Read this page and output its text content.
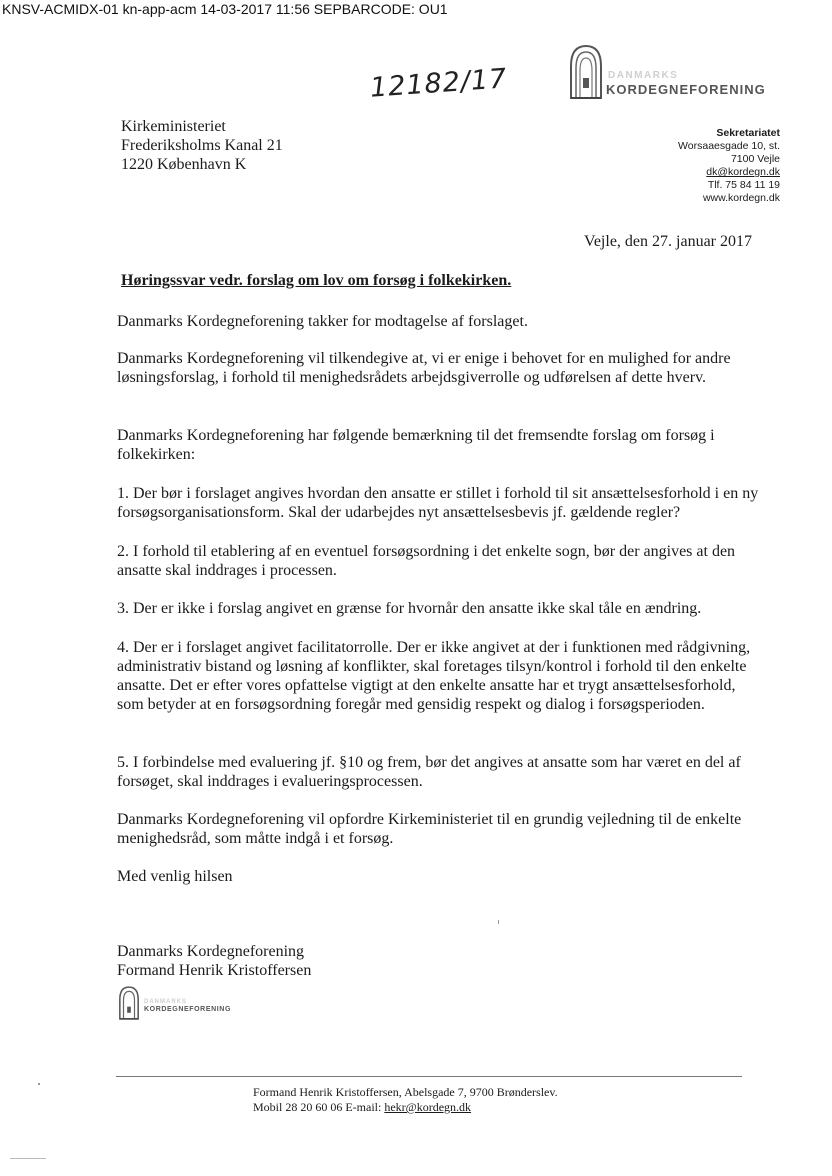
KNSV-ACMIDX-01 kn-app-acm 14-03-2017 11:56 SEPBARCODE: OU1
12182/17	DANMARKS
KORDEGNEFORENING
Kirkeministeriet
Frederiksholms Kanal 21
1220 København K
Sekretariatet
Worsaaesgade 10, st.
7100 Vejle
dk@kordegn.dk
Tlf. 75 84 11 19
www.kordegn.dk
Vejle, den 27. januar 2017
Høringssvar vedr. forslag om lov om forsøg i folkekirken.
Danmarks Kordegneforening takker for modtagelse af forslaget.
Danmarks Kordegneforening vil tilkendegive at, vi er enige i behovet for en mulighed for andre løsningsforslag, i forhold til menighedsrådets arbejdsgiverrolle og udførelsen af dette hverv.
Danmarks Kordegneforening har følgende bemærkning til det fremsendte forslag om forsøg i folkekirken:
1. Der bør i forslaget angives hvordan den ansatte er stillet i forhold til sit ansættelsesforhold i en ny forsøgsorganisationsform. Skal der udarbejdes nyt ansættelsesbevis jf. gældende regler?
2. I forhold til etablering af en eventuel forsøgsordning i det enkelte sogn, bør der angives at den ansatte skal inddrages i processen.
3. Der er ikke i forslag angivet en grænse for hvornår den ansatte ikke skal tåle en ændring.
4. Der er i forslaget angivet facilitatorrolle. Der er ikke angivet at der i funktionen med rådgivning, administrativ bistand og løsning af konflikter, skal foretages tilsyn/kontrol i forhold til den enkelte ansatte. Det er efter vores opfattelse vigtigt at den enkelte ansatte har et trygt ansættelsesforhold, som betyder at en forsøgsordning foregår med gensidig respekt og dialog i forsøgsperioden.
5. I forbindelse med evaluering jf. §10 og frem, bør det angives at ansatte som har været en del af forsøget, skal inddrages i evalueringsprocessen.
Danmarks Kordegneforening vil opfordre Kirkeministeriet til en grundig vejledning til de enkelte menighedsråd, som måtte indgå i et forsøg.
Med venlig hilsen
Danmarks Kordegneforening
Formand Henrik Kristoffersen
DANMARKS
KORDEGNEFORENING
Formand Henrik Kristoffersen, Abelsgade 7, 9700 Brønderslev.
Mobil 28 20 60 06 E-mail: hekr@kordegn.dk
